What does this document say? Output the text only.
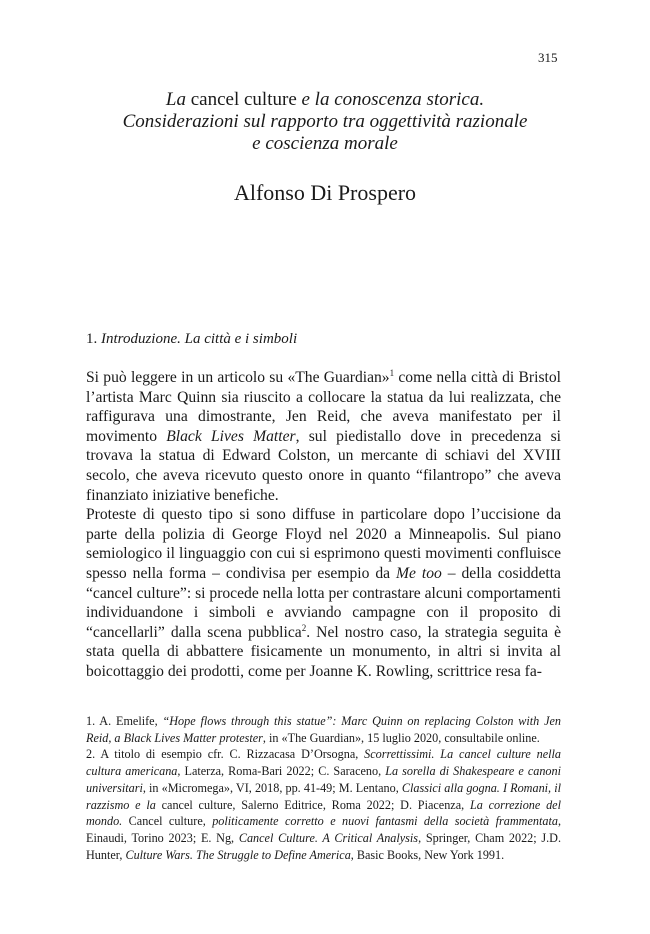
315
La cancel culture e la conoscenza storica.
Considerazioni sul rapporto tra oggettività razionale
e coscienza morale
Alfonso Di Prospero
1. Introduzione. La città e i simboli

Si può leggere in un articolo su «The Guardian»$^1$ come nella città di Bristol l’artista Marc Quinn sia riuscito a collocare la statua da lui realizzata, che raffigurava una dimostrante, Jen Reid, che aveva manifestato per il movimento Black Lives Matter, sul piedistallo dove in precedenza si trovava la statua di Edward Colston, un mercante di schiavi del XVIII secolo, che aveva ricevuto questo onore in quanto “filantropo” che aveva finanziato iniziative benefiche.

Proteste di questo tipo si sono diffuse in particolare dopo l’uccisione da parte della polizia di George Floyd nel 2020 a Minneapolis. Sul piano semiologico il linguaggio con cui si esprimono questi movimenti confluisce spesso nella forma – condivisa per esempio da Me too – della cosiddetta “cancel culture”: si procede nella lotta per contrastare alcuni comportamenti individuandone i simboli e avviando campagne con il proposito di “cancellarli” dalla scena pubblica$^2$. Nel nostro caso, la strategia seguita è stata quella di abbattere fisicamente un monumento, in altri si invita al boicottaggio dei prodotti, come per Joanne K. Rowling, scrittrice resa fa-

1. A. Emelife, “Hope flows through this statue”: Marc Quinn on replacing Colston with Jen Reid, a Black Lives Matter protester, in «The Guardian», 15 luglio 2020, consultabile online.

2. A titolo di esempio cfr. C. Rizzacasa D’Orsogna, Scorrettissimi. La cancel culture nella cultura americana, Laterza, Roma-Bari 2022; C. Saraceno, La sorella di Shakespeare e canoni universitari, in «Micromega», VI, 2018, pp. 41-49; M. Lentano, Classici alla gogna. I Romani, il razzismo e la cancel culture, Salerno Editrice, Roma 2022; D. Piacenza, La correzione del mondo. Cancel culture, politicamente corretto e nuovi fantasmi della società frammentata, Einaudi, Torino 2023; E. Ng, Cancel Culture. A Critical Analysis, Springer, Cham 2022; J.D. Hunter, Culture Wars. The Struggle to Define America, Basic Books, New York 1991.
